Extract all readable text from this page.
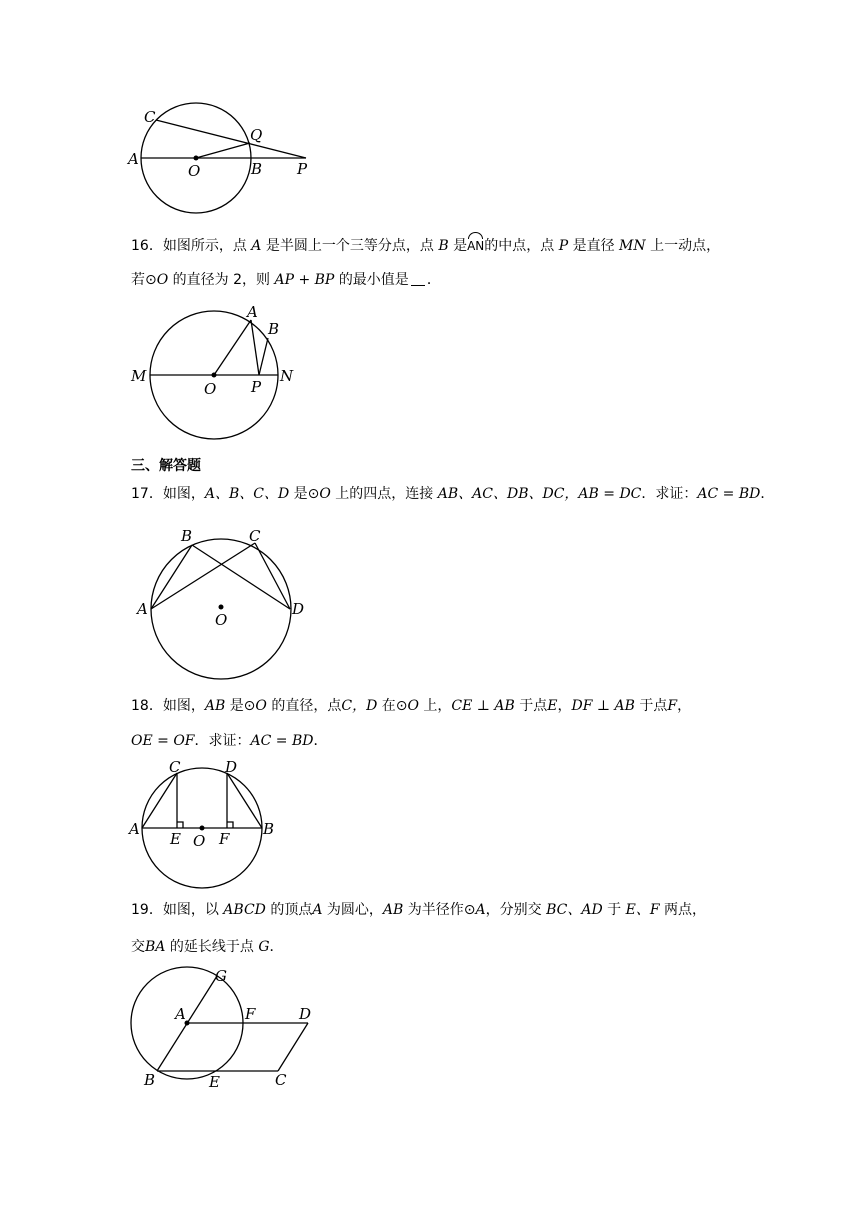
C
Q
A
O	B P
16．如图所示，点 A 是半圆上一个三等分点，点 B 是AN的中点，点 P 是直径 MN 上一动点，
若⊙O 的直径为 2，则 AP + BP 的最小值是 ．
M
A
B
N
O P
三、解答题
17．如图，A、B、C、D 是⊙O 上的四点，连接 AB、AC、DB、DC，AB = DC．求证：AC = BD．
B	C
A	D
O
18．如图，AB 是⊙O 的直径，点C，D 在⊙O 上，CE ⊥ AB 于点E，DF ⊥ AB 于点F，
OE = OF．求证：AC = BD．
C	D
A	B
E O F
19．如图，以 ABCD 的顶点A 为圆心，AB 为半径作⊙A，分别交 BC、AD 于 E、F 两点，
交BA 的延长线于点 G．
G
A	F	D
B	E	C
